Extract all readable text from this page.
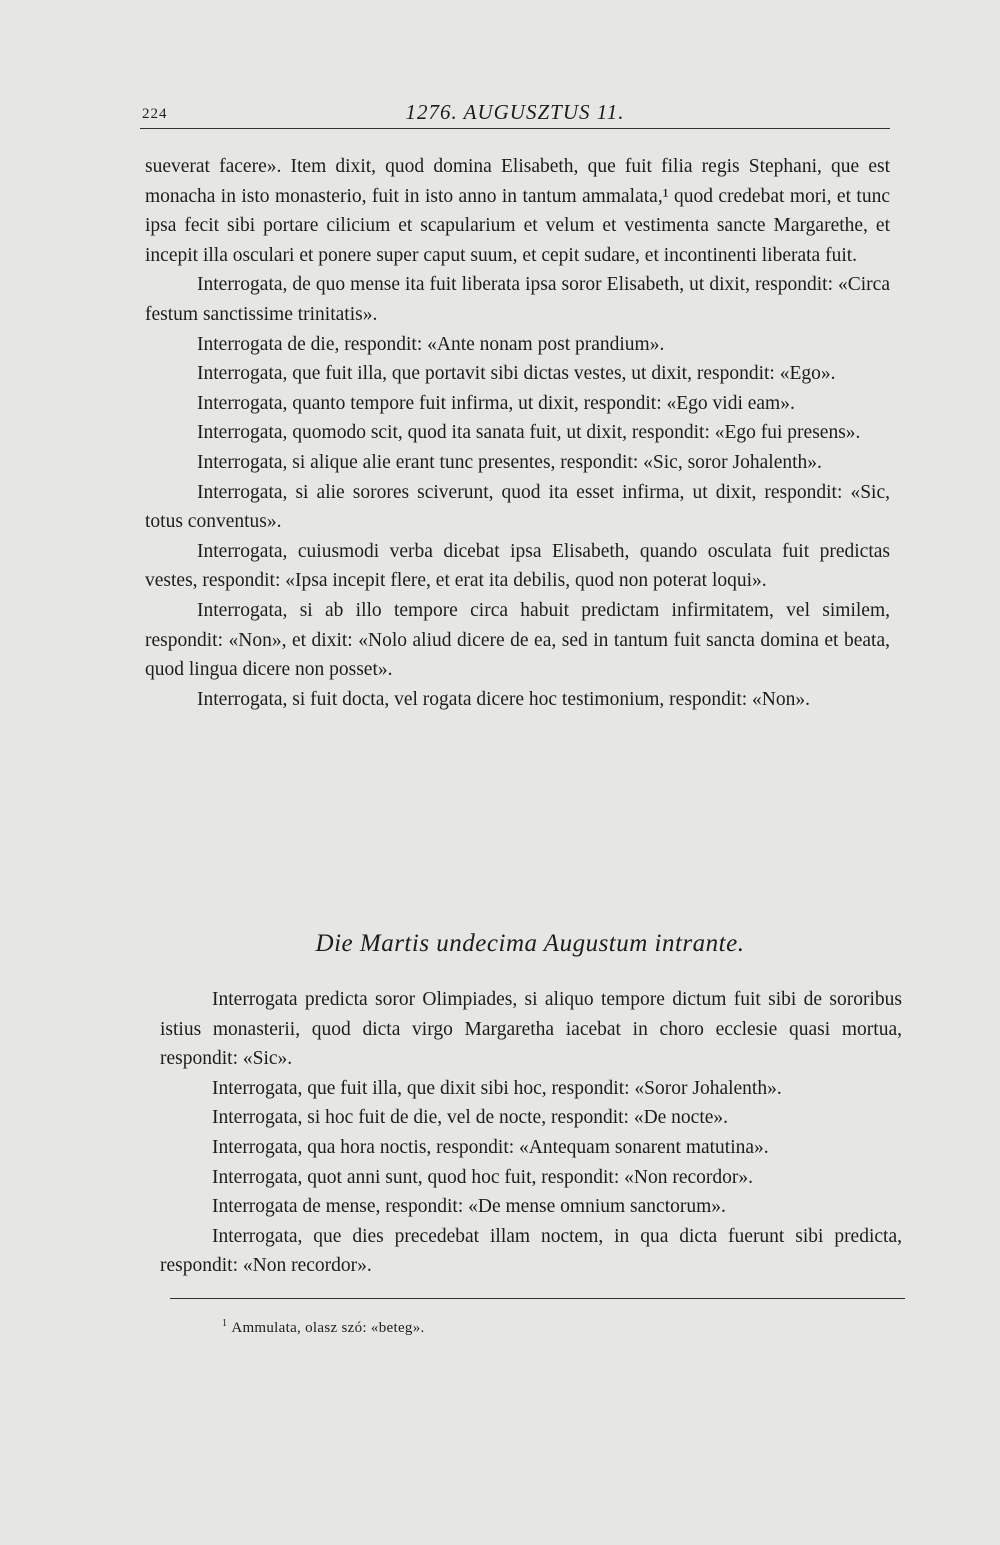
224	1276. AUGUSZTUS 11.

sueverat facere». Item dixit, quod domina Elisabeth, que fuit filia regis Stephani, que est monacha in isto monasterio, fuit in isto anno in tantum ammalata,¹ quod credebat mori, et tunc ipsa fecit sibi portare cilicium et scapularium et velum et vestimenta sancte Margarethe, et incepit illa osculari et ponere super caput suum, et cepit sudare, et incontinenti liberata fuit.

Interrogata, de quo mense ita fuit liberata ipsa soror Elisabeth, ut dixit, respondit: «Circa festum sanctissime trinitatis».

Interrogata de die, respondit: «Ante nonam post prandium».

Interrogata, que fuit illa, que portavit sibi dictas vestes, ut dixit, respondit: «Ego».

Interrogata, quanto tempore fuit infirma, ut dixit, respondit: «Ego vidi eam».

Interrogata, quomodo scit, quod ita sanata fuit, ut dixit, respondit: «Ego fui presens».

Interrogata, si alique alie erant tunc presentes, respondit: «Sic, soror Johalenth».

Interrogata, si alie sorores sciverunt, quod ita esset infirma, ut dixit, respondit: «Sic, totus conventus».

Interrogata, cuiusmodi verba dicebat ipsa Elisabeth, quando osculata fuit predictas vestes, respondit: «Ipsa incepit flere, et erat ita debilis, quod non poterat loqui».

Interrogata, si ab illo tempore circa habuit predictam infirmitatem, vel similem, respondit: «Non», et dixit: «Nolo aliud dicere de ea, sed in tantum fuit sancta domina et beata, quod lingua dicere non posset».

Interrogata, si fuit docta, vel rogata dicere hoc testimonium, respondit: «Non».

Die Martis undecima Augustum intrante.

Interrogata predicta soror Olimpiades, si aliquo tempore dictum fuit sibi de sororibus istius monasterii, quod dicta virgo Margaretha iacebat in choro ecclesie quasi mortua, respondit: «Sic».

Interrogata, que fuit illa, que dixit sibi hoc, respondit: «Soror Johalenth».

Interrogata, si hoc fuit de die, vel de nocte, respondit: «De nocte».

Interrogata, qua hora noctis, respondit: «Antequam sonarent matutina».

Interrogata, quot anni sunt, quod hoc fuit, respondit: «Non recordor».

Interrogata de mense, respondit: «De mense omnium sanctorum».

Interrogata, que dies precedebat illam noctem, in qua dicta fuerunt sibi predicta, respondit: «Non recordor».

$^1$ Ammulata, olasz szó: «beteg».
